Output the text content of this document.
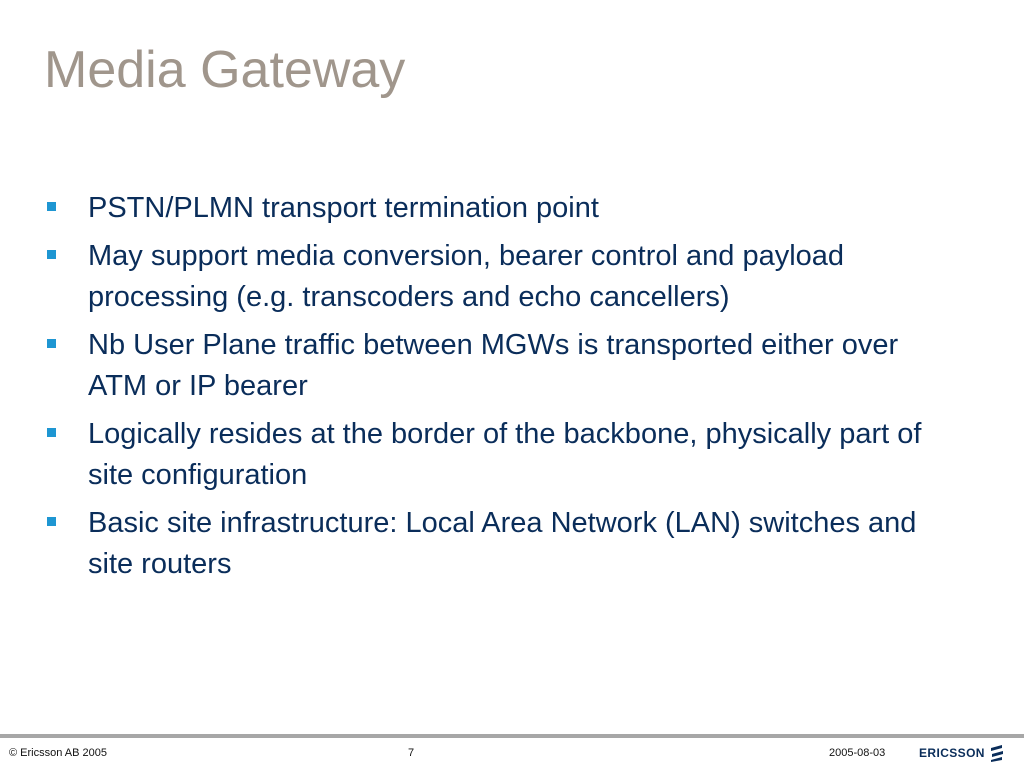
Media Gateway
PSTN/PLMN transport termination point
May support media conversion, bearer control and payload processing (e.g. transcoders and echo cancellers)
Nb User Plane traffic between MGWs is transported either over ATM or IP bearer
Logically resides at the border of the backbone, physically part of site configuration
Basic site infrastructure: Local Area Network (LAN) switches and site routers
© Ericsson AB 2005	7	2005-08-03	ERICSSON
